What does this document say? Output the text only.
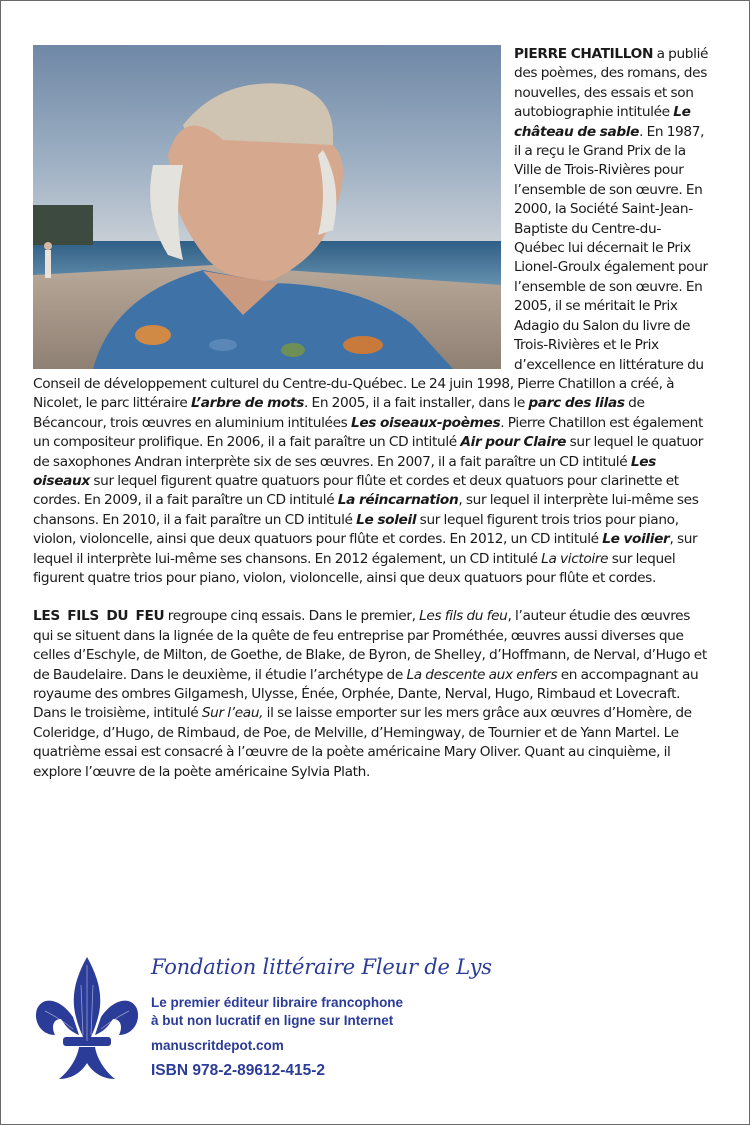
PIERRE CHATILLON a publié des poèmes, des romans, des nouvelles, des essais et son autobiographie intitulée Le château de sable. En 1987, il a reçu le Grand Prix de la Ville de Trois-Rivières pour l’ensemble de son œuvre. En 2000, la Société Saint-Jean-Baptiste du Centre-du-Québec lui décernait le Prix Lionel-Groulx également pour l’ensemble de son œuvre. En 2005, il se méritait le Prix Adagio du Salon du livre de Trois-Rivières et le Prix d’excellence en littérature du Conseil de développement culturel du Centre-du-Québec. Le 24 juin 1998, Pierre Chatillon a créé, à Nicolet, le parc littéraire L’arbre de mots. En 2005, il a fait installer, dans le parc des lilas de Bécancour, trois œuvres en aluminium intitulées Les oiseaux-poèmes. Pierre Chatillon est également un compositeur prolifique. En 2006, il a fait paraître un CD intitulé Air pour Claire sur lequel le quatuor de saxophones Andran interprète six de ses œuvres. En 2007, il a fait paraître un CD intitulé Les oiseaux sur lequel figurent quatre quatuors pour flûte et cordes et deux quatuors pour clarinette et cordes. En 2009, il a fait paraître un CD intitulé La réincarnation, sur lequel il interprète lui-même ses chansons. En 2010, il a fait paraître un CD intitulé Le soleil sur lequel figurent trois trios pour piano, violon, violoncelle, ainsi que deux quatuors pour flûte et cordes. En 2012, un CD intitulé Le voilier, sur lequel il interprète lui-même ses chansons. En 2012 également, un CD intitulé La victoire sur lequel figurent quatre trios pour piano, violon, violoncelle, ainsi que deux quatuors pour flûte et cordes.

LES FILS DU FEU regroupe cinq essais. Dans le premier, Les fils du feu, l’auteur étudie des œuvres qui se situent dans la lignée de la quête de feu entreprise par Prométhée, œuvres aussi diverses que celles d’Eschyle, de Milton, de Goethe, de Blake, de Byron, de Shelley, d’Hoffmann, de Nerval, d’Hugo et de Baudelaire. Dans le deuxième, il étudie l’archétype de La descente aux enfers en accompagnant au royaume des ombres Gilgamesh, Ulysse, Énée, Orphée, Dante, Nerval, Hugo, Rimbaud et Lovecraft. Dans le troisième, intitulé Sur l’eau, il se laisse emporter sur les mers grâce aux œuvres d’Homère, de Coleridge, d’Hugo, de Rimbaud, de Poe, de Melville, d’Hemingway, de Tournier et de Yann Martel. Le quatrième essai est consacré à l’œuvre de la poète américaine Mary Oliver. Quant au cinquième, il explore l’œuvre de la poète américaine Sylvia Plath.

Fondation littéraire Fleur de Lys
Le premier éditeur libraire francophone
à but non lucratif en ligne sur Internet
manuscritdepot.com
ISBN 978-2-89612-415-2
